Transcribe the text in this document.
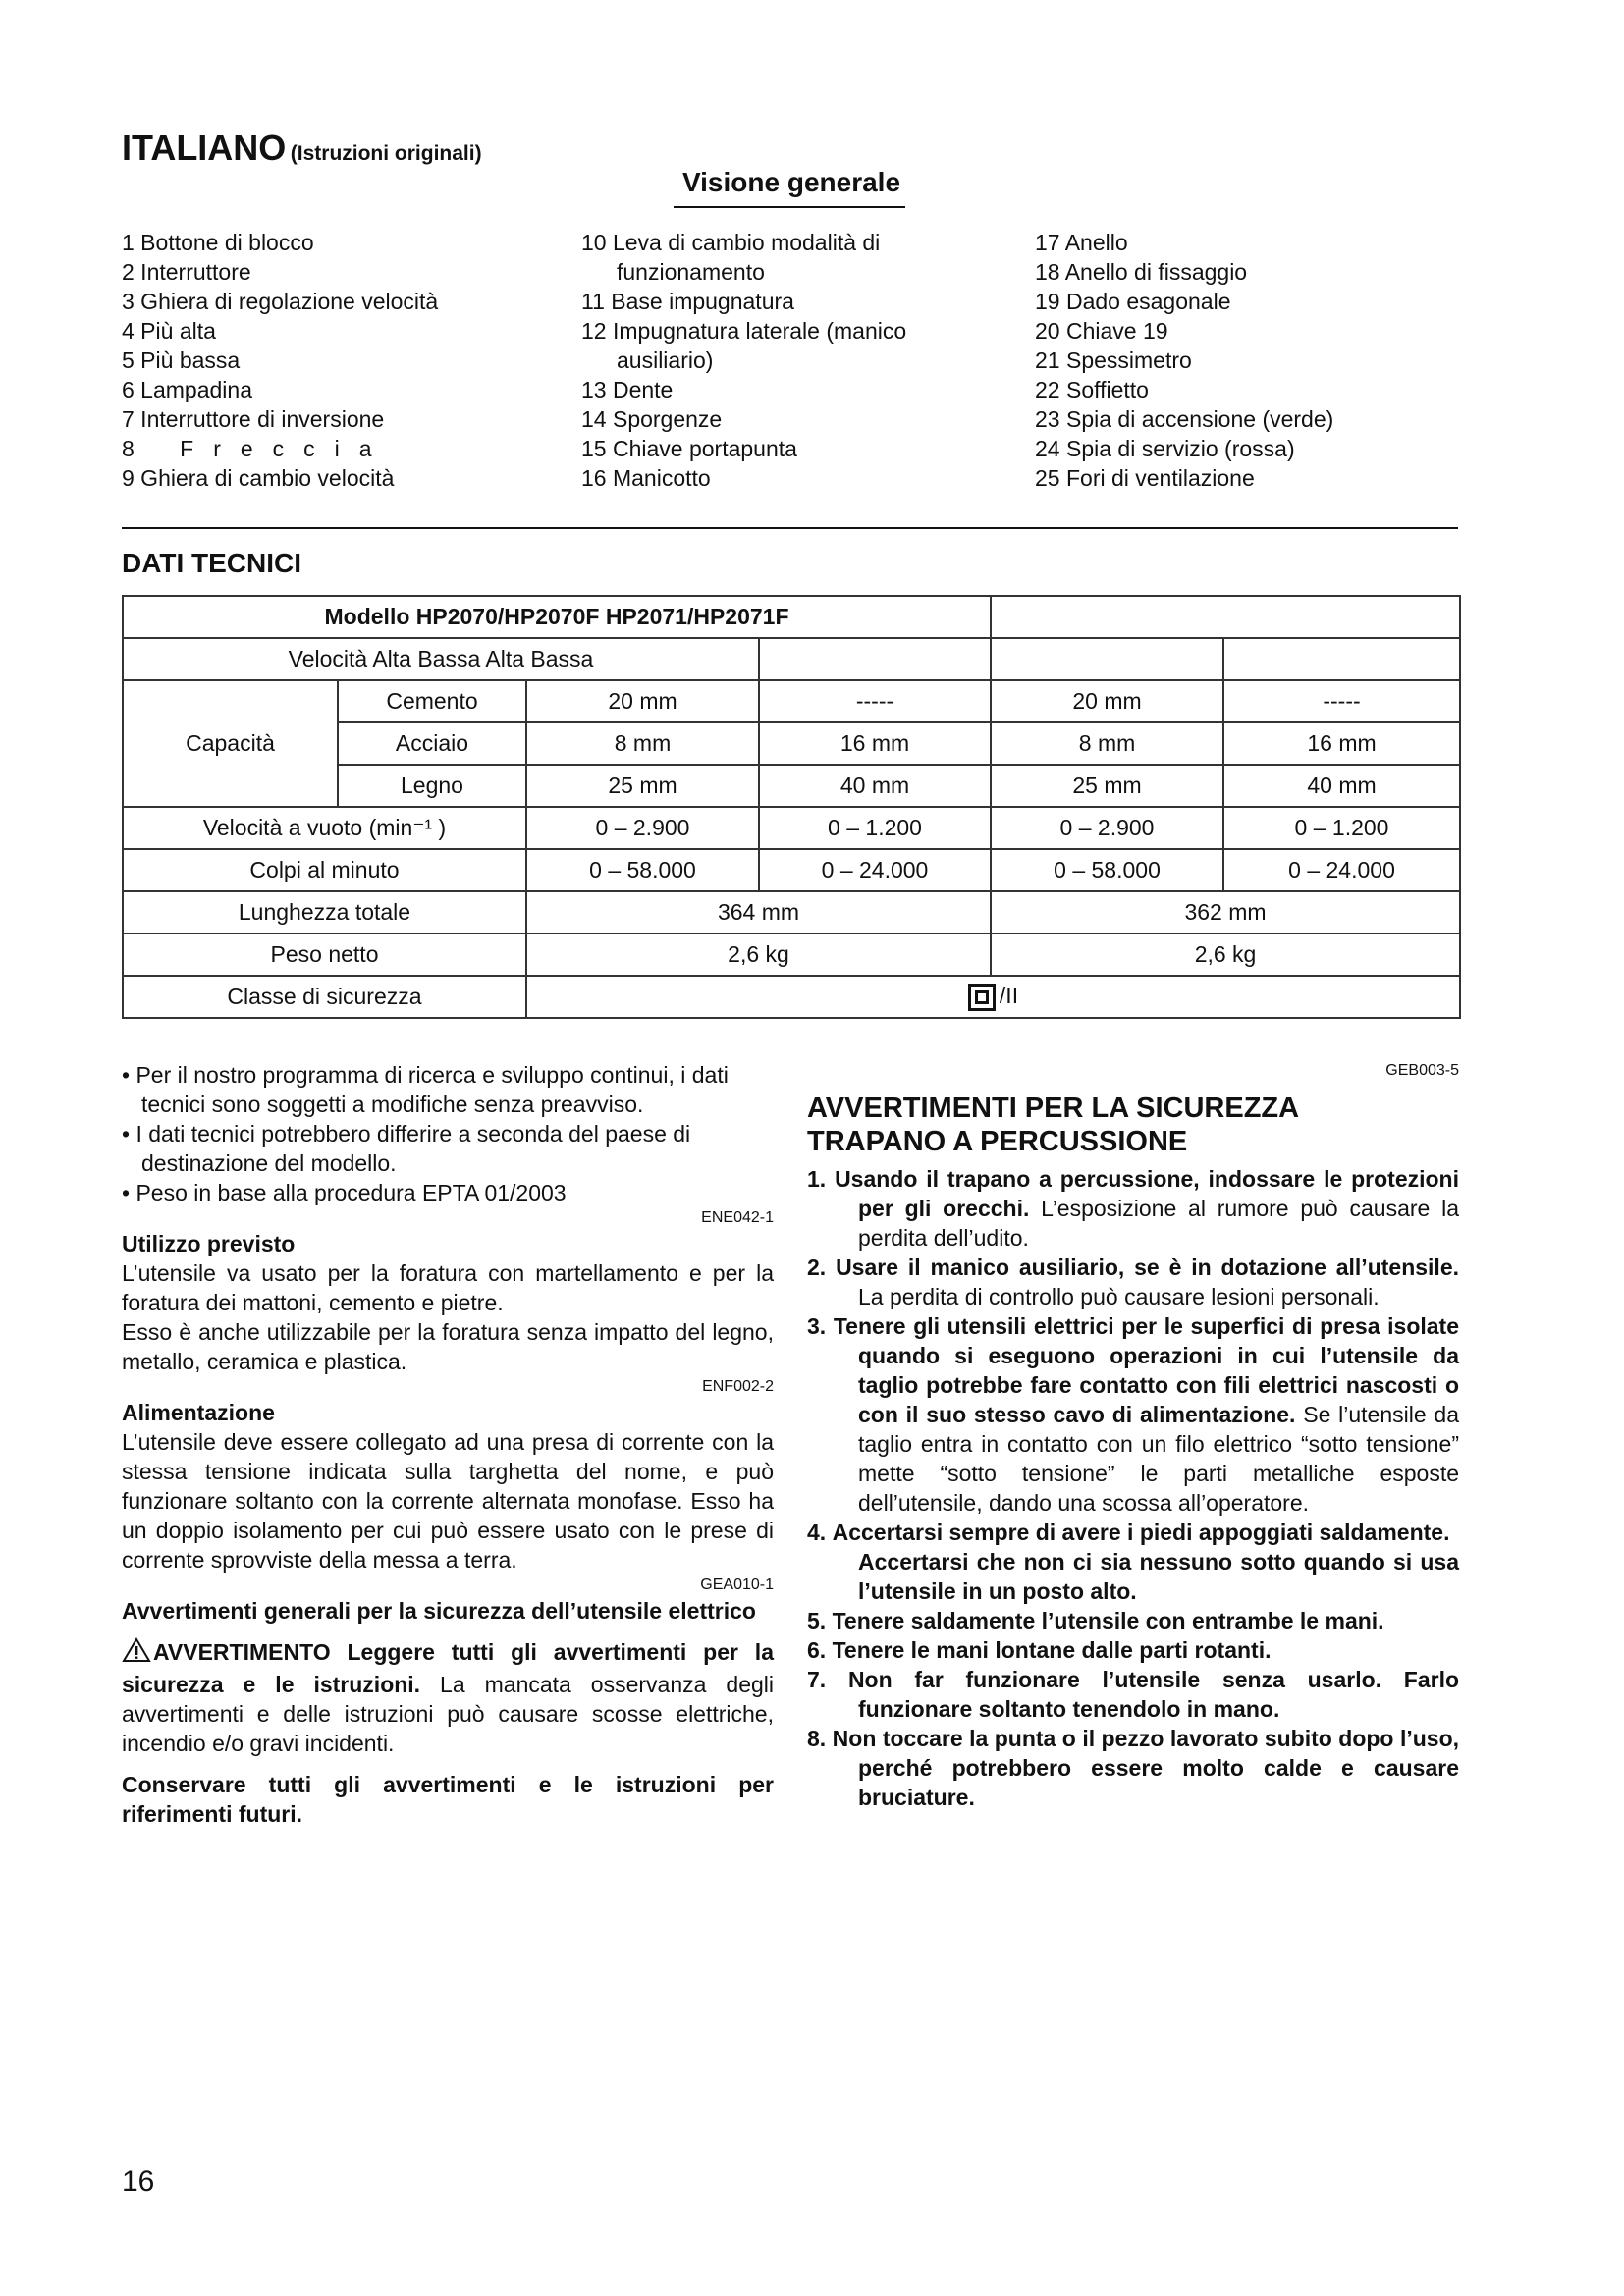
ITALIANO (Istruzioni originali)
Visione generale
1 Bottone di blocco
2 Interruttore
3 Ghiera di regolazione velocità
4 Più alta
5 Più bassa
6 Lampadina
7 Interruttore di inversione
8 Freccia
9 Ghiera di cambio velocità
10 Leva di cambio modalità di
funzionamento
11 Base impugnatura
12 Impugnatura laterale (manico
ausiliario)
13 Dente
14 Sporgenze
15 Chiave portapunta
16 Manicotto
17 Anello
18 Anello di fissaggio
19 Dado esagonale
20 Chiave 19
21 Spessimetro
22 Soffietto
23 Spia di accensione (verde)
24 Spia di servizio (rossa)
25 Fori di ventilazione
DATI TECNICI
Modello HP2070/HP2070F HP2071/HP2071F					
Velocità Alta Bassa Alta Bassa					
Capacità	Cemento	20 mm	-----	20 mm	-----
	Acciaio	8 mm	16 mm	8 mm	16 mm
	Legno	25 mm	40 mm	25 mm	40 mm
Velocità a vuoto (min⁻¹ )		0 – 2.900	0 – 1.200	0 – 2.900	0 – 1.200
Colpi al minuto		0 – 58.000	0 – 24.000	0 – 58.000	0 – 24.000
Lunghezza totale		364 mm		362 mm	
Peso netto		2,6 kg		2,6 kg	
Classe di sicurezza		/II			
• Per il nostro programma di ricerca e sviluppo continui, i dati tecnici sono soggetti a modifiche senza preavviso.
• I dati tecnici potrebbero differire a seconda del paese di destinazione del modello.
• Peso in base alla procedura EPTA 01/2003
ENE042-1
Utilizzo previsto
L’utensile va usato per la foratura con martellamento e per la foratura dei mattoni, cemento e pietre.
Esso è anche utilizzabile per la foratura senza impatto del legno, metallo, ceramica e plastica.
ENF002-2
Alimentazione
L’utensile deve essere collegato ad una presa di corrente con la stessa tensione indicata sulla targhetta del nome, e può funzionare soltanto con la corrente alternata monofase. Esso ha un doppio isolamento per cui può essere usato con le prese di corrente sprovviste della messa a terra.
GEA010-1
Avvertimenti generali per la sicurezza dell’utensile elettrico
AVVERTIMENTO Leggere tutti gli avvertimenti per la sicurezza e le istruzioni. La mancata osservanza degli avvertimenti e delle istruzioni può causare scosse elettriche, incendio e/o gravi incidenti.
Conservare tutti gli avvertimenti e le istruzioni per riferimenti futuri.
GEB003-5
AVVERTIMENTI PER LA SICUREZZA
TRAPANO A PERCUSSIONE
1. Usando il trapano a percussione, indossare le protezioni per gli orecchi. L’esposizione al rumore può causare la perdita dell’udito.
2. Usare il manico ausiliario, se è in dotazione all’utensile. La perdita di controllo può causare lesioni personali.
3. Tenere gli utensili elettrici per le superfici di presa isolate quando si eseguono operazioni in cui l’utensile da taglio potrebbe fare contatto con fili elettrici nascosti o con il suo stesso cavo di alimentazione. Se l’utensile da taglio entra in contatto con un filo elettrico “sotto tensione” mette “sotto tensione” le parti metalliche esposte dell’utensile, dando una scossa all’operatore.
4. Accertarsi sempre di avere i piedi appoggiati saldamente.
Accertarsi che non ci sia nessuno sotto quando si usa l’utensile in un posto alto.
5. Tenere saldamente l’utensile con entrambe le mani.
6. Tenere le mani lontane dalle parti rotanti.
7. Non far funzionare l’utensile senza usarlo. Farlo funzionare soltanto tenendolo in mano.
8. Non toccare la punta o il pezzo lavorato subito dopo l’uso, perché potrebbero essere molto calde e causare bruciature.
16
